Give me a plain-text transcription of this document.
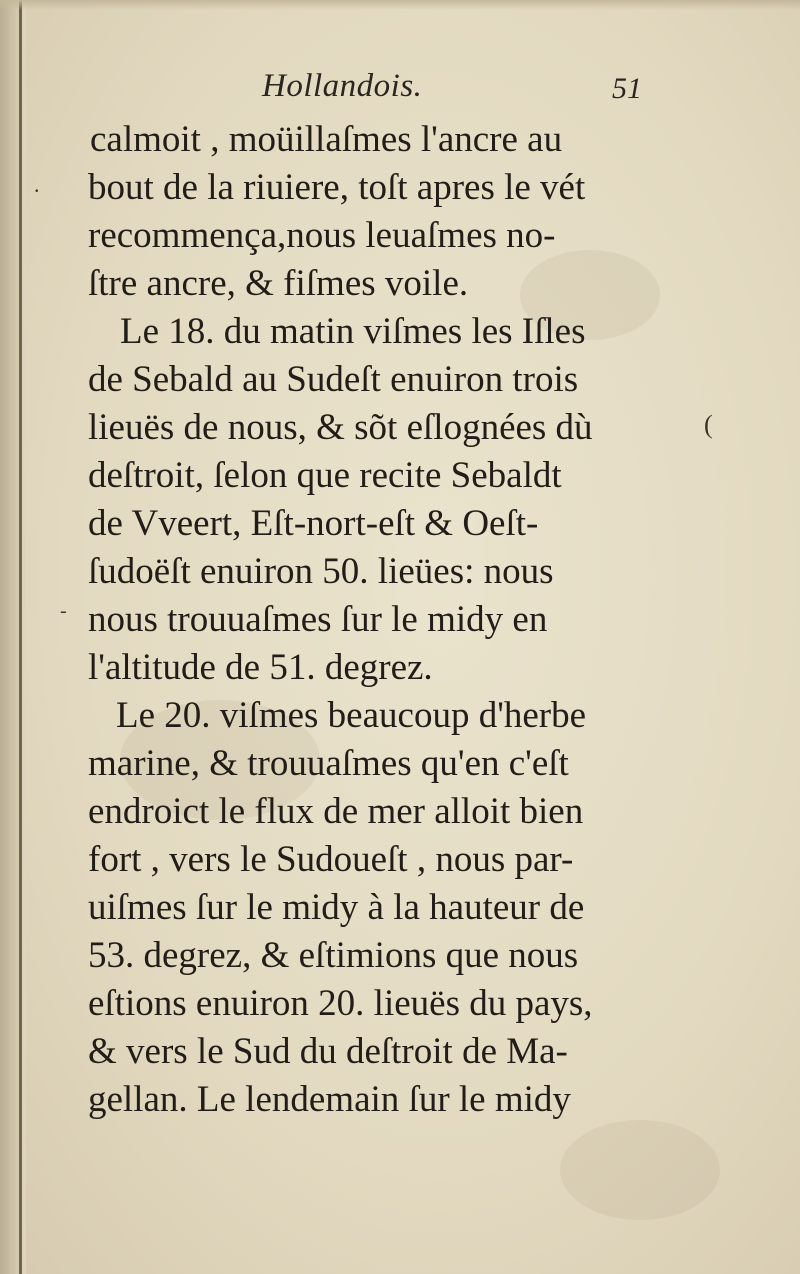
.
(
-
Hollandois.	51
calmoit , moüillaſmes l'ancre au
bout de la riuiere, toſt apres le vét
recommença,nous leuaſmes no-
ſtre ancre, & fiſmes voile.
Le 18. du matin viſmes les Iſles
de Sebald au Sudeſt enuiron trois
lieuës de nous, & sõt eſlognées dù
deſtroit, ſelon que recite Sebaldt
de Vveert, Eſt-nort-eſt & Oeſt-
ſudoëſt enuiron 50. lieües: nous
nous trouuaſmes ſur le midy en
l'altitude de 51. degrez.
Le 20. viſmes beaucoup d'herbe
marine, & trouuaſmes qu'en c'eſt
endroict le flux de mer alloit bien
fort , vers le Sudoueſt , nous par-
uiſmes ſur le midy à la hauteur de
53. degrez, & eſtimions que nous
eſtions enuiron 20. lieuës du pays,
& vers le Sud du deſtroit de Ma-
gellan. Le lendemain ſur le midy
